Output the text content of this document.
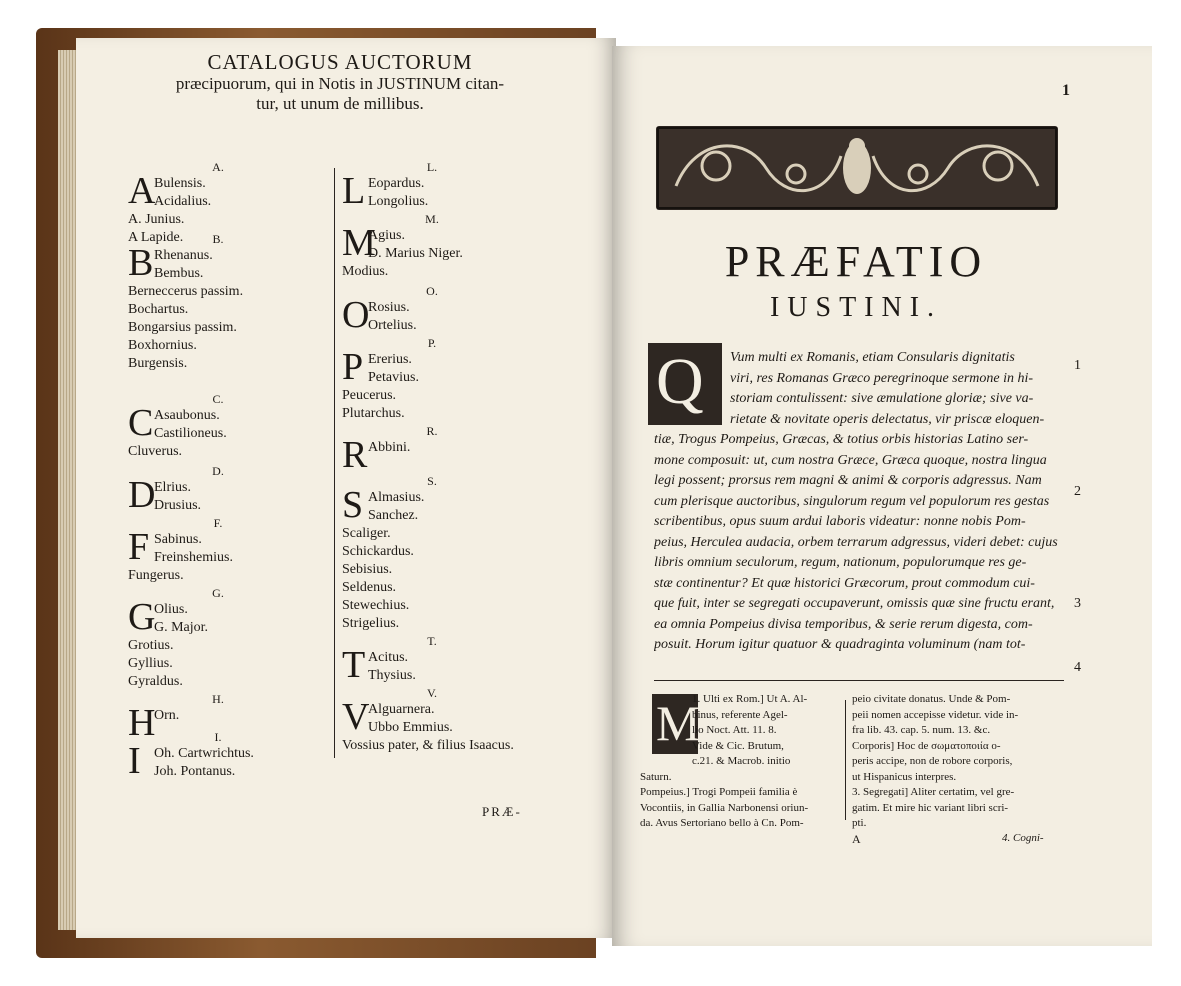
CATALOGUS AUCTORUM
præcipuorum, qui in Notis in JUSTINUM citan-
tur, ut unum de millibus.
A.
A
Bulensis.
Acidalius.
A. Junius.
A Lapide.	B.
B Rhenanus.
Bembus.
Berneccerus passim.
Bochartus.
Bongarsius passim.
Boxhornius.
Burgensis.
C.
C Asaubonus.
Castilioneus.
Cluverus.
D.
D
Elrius.
Drusius.
F.
F Sabinus.
Freinshemius.
Fungerus.
G.
G
Olius.
G. Major.
Grotius.
Gyllius.
Gyraldus.
H.
H
Orn.
I.
I Oh. Cartwrichtus.
Joh. Pontanus.
L.
L Eopardus.
Longolius.
M.
M
Agius.
D. Marius Niger.
Modius.
O.
O
Rosius.
Ortelius.
P.
P Ererius.
Petavius.
Peucerus.
Plutarchus.
R.
R Abbini.
S.
S Almasius.
Sanchez.
Scaliger.
Schickardus.
Sebisius.
Seldenus.
Stewechius.
Strigelius.
T.
T Acitus.
Thysius.
V.
V
Alguarnera.
Ubbo Emmius.
Vossius pater, & filius Isaacus.
PRÆ-
1
PRÆFATIO
IUSTINI.
Q	Vum multi ex Romanis, etiam Consularis dignitatis
viri, res Romanas Græco peregrinoque sermone in hi-
storiam contulissent: sive æmulatione gloriæ; sive va-
rietate & novitate operis delectatus, vir priscæ eloquen-
tiæ, Trogus Pompeius, Græcas, & totius orbis historias Latino ser-
mone composuit: ut, cum nostra Græce, Græca quoque, nostra lingua
legi possent; prorsus rem magni & animi & corporis adgressus. Nam
cum plerisque auctoribus, singulorum regum vel populorum res gestas
scribentibus, opus suum ardui laboris videatur: nonne nobis Pom-
peius, Herculea audacia, orbem terrarum adgressus, videri debet: cujus
libris omnium seculorum, regum, nationum, populorumque res ge-
stæ continentur? Et quæ historici Græcorum, prout commodum cui-
que fuit, inter se segregati occupaverunt, omissis quæ sine fructu erant,
ea omnia Pompeius divisa temporibus, & serie rerum digesta, com-
posuit. Horum igitur quatuor & quadraginta voluminum (nam tot-
1
2
3
4
M
1. Ulti ex Rom.] Ut A. Al-
binus, referente Agel-
lio Noct. Att. 11. 8.
Vide & Cic. Brutum,
c.21. & Macrob. initio
Saturn.
Pompeius.] Trogi Pompeii familia è
Vocontiis, in Gallia Narbonensi oriun-
da. Avus Sertoriano bello à Cn. Pom-
peio civitate donatus. Unde & Pom-
peii nomen accepisse videtur. vide in-
fra lib. 43. cap. 5. num. 13. &c.
Corporis] Hoc de σωματοποιία o-
peris accipe, non de robore corporis,
ut Hispanicus interpres.
3. Segregati] Aliter certatim, vel gre-
gatim. Et mire hic variant libri scri-
pti.
A	4. Cogni-
